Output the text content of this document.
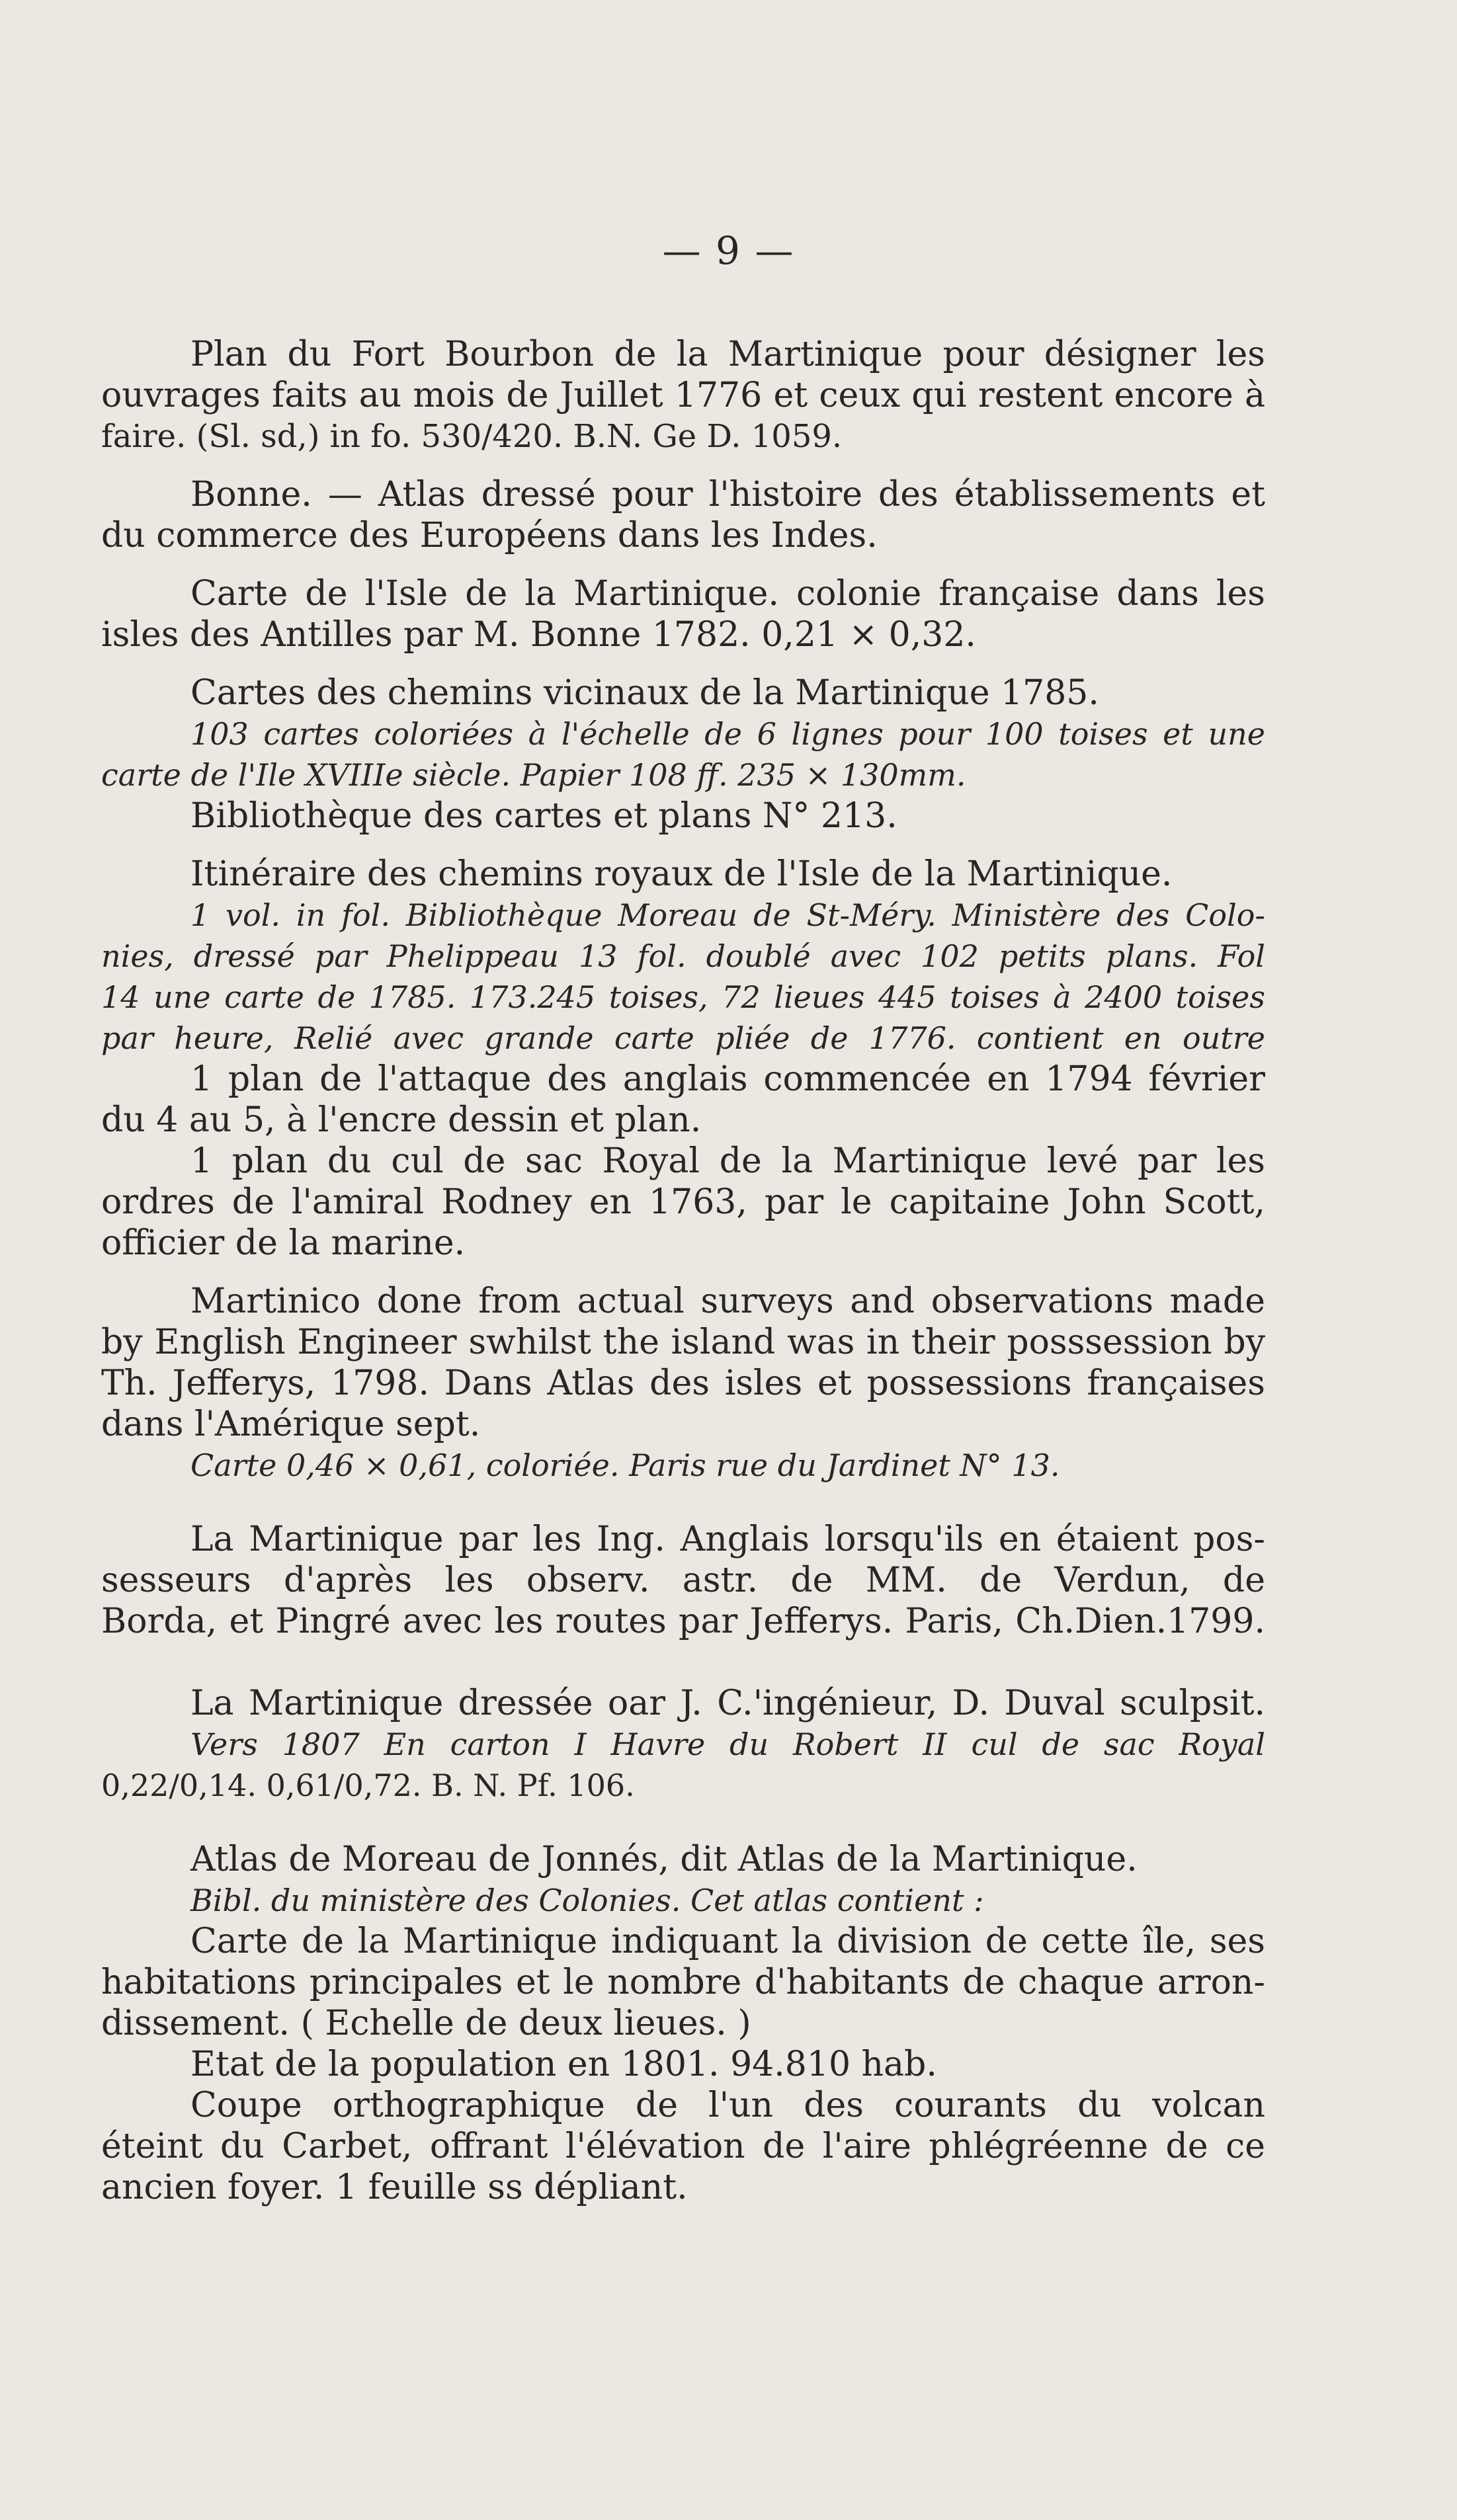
— 9 —

Plan du Fort Bourbon de la Martinique pour désigner les
ouvrages faits au mois de Juillet 1776 et ceux qui restent encore à
faire. (Sl. sd,) in fo. 530/420. B.N. Ge D. 1059.

Bonne. — Atlas dressé pour l'histoire des établissements et
du commerce des Européens dans les Indes.

Carte de l'Isle de la Martinique. colonie française dans les
isles des Antilles par M. Bonne 1782. 0,21 × 0,32.

Cartes des chemins vicinaux de la Martinique 1785.
103 cartes coloriées à l'échelle de 6 lignes pour 100 toises et une
carte de l'Ile XVIIIe siècle. Papier 108 ff. 235 × 130mm.
Bibliothèque des cartes et plans N° 213.

Itinéraire des chemins royaux de l'Isle de la Martinique.
1 vol. in fol. Bibliothèque Moreau de St-Méry. Ministère des Colo-
nies, dressé par Phelippeau 13 fol. doublé avec 102 petits plans. Fol
14 une carte de 1785. 173.245 toises, 72 lieues 445 toises à 2400 toises
par heure, Relié avec grande carte pliée de 1776. contient en outre
1 plan de l'attaque des anglais commencée en 1794 février
du 4 au 5, à l'encre dessin et plan.
1 plan du cul de sac Royal de la Martinique levé par les
ordres de l'amiral Rodney en 1763, par le capitaine John Scott,
officier de la marine.

Martinico done from actual surveys and observations made
by English Engineer swhilst the island was in their posssession by
Th. Jefferys, 1798. Dans Atlas des isles et possessions françaises
dans l'Amérique sept.
Carte 0,46 × 0,61, coloriée. Paris rue du Jardinet N° 13.

La Martinique par les Ing. Anglais lorsqu'ils en étaient pos-
sesseurs d'après les observ. astr. de MM. de Verdun, de
Borda, et Pingré avec les routes par Jefferys. Paris, Ch.Dien.1799.

La Martinique dressée oar J. C.'ingénieur, D. Duval sculpsit.
Vers 1807 En carton I Havre du Robert II cul de sac Royal
0,22/0,14. 0,61/0,72. B. N. Pf. 106.

Atlas de Moreau de Jonnés, dit Atlas de la Martinique.
Bibl. du ministère des Colonies. Cet atlas contient :
Carte de la Martinique indiquant la division de cette île, ses
habitations principales et le nombre d'habitants de chaque arron-
dissement. ( Echelle de deux lieues. )
Etat de la population en 1801. 94.810 hab.
Coupe orthographique de l'un des courants du volcan
éteint du Carbet, offrant l'élévation de l'aire phlégréenne de ce
ancien foyer. 1 feuille ss dépliant.
